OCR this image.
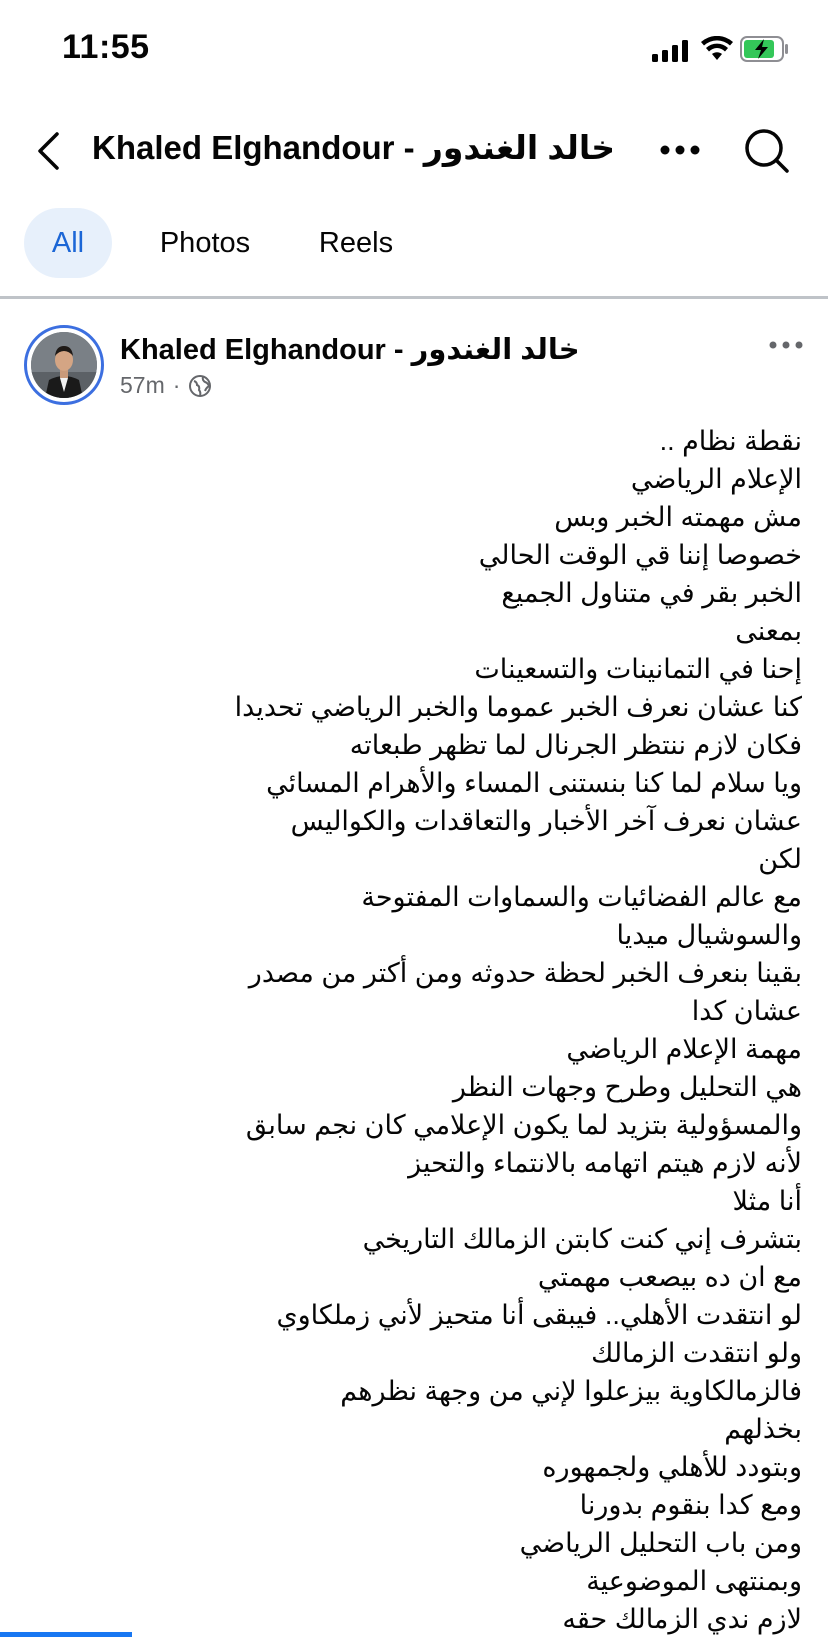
11:55
Khaled Elghandour - خالد الغندور
All	Photos	Reels
Khaled Elghandour - خالد الغندور
57m ·
نقطة نظام ..
الإعلام الرياضي
مش مهمته الخبر وبس
خصوصا إننا قي الوقت الحالي
الخبر بقر في متناول الجميع
بمعنى
إحنا في التمانينات والتسعينات
كنا عشان نعرف الخبر عموما والخبر الرياضي تحديدا
فكان لازم ننتظر الجرنال لما تظهر طبعاته
ويا سلام لما كنا بنستنى المساء والأهرام المسائي
عشان نعرف آخر الأخبار والتعاقدات والكواليس
لكن
مع عالم الفضائيات والسماوات المفتوحة
والسوشيال ميديا
بقينا بنعرف الخبر لحظة حدوثه ومن أكتر من مصدر
عشان كدا
مهمة الإعلام الرياضي
هي التحليل وطرح وجهات النظر
والمسؤولية بتزيد لما يكون الإعلامي كان نجم سابق
لأنه لازم هيتم اتهامه بالانتماء والتحيز
أنا مثلا
بتشرف إني كنت كابتن الزمالك التاريخي
مع ان ده بيصعب مهمتي
لو انتقدت الأهلي.. فيبقى أنا متحيز لأني زملكاوي
ولو انتقدت الزمالك
فالزمالكاوية بيزعلوا لإني من وجهة نظرهم
بخذلهم
وبتودد للأهلي ولجمهوره
ومع كدا بنقوم بدورنا
ومن باب التحليل الرياضي
وبمنتهى الموضوعية
لازم ندي الزمالك حقه
